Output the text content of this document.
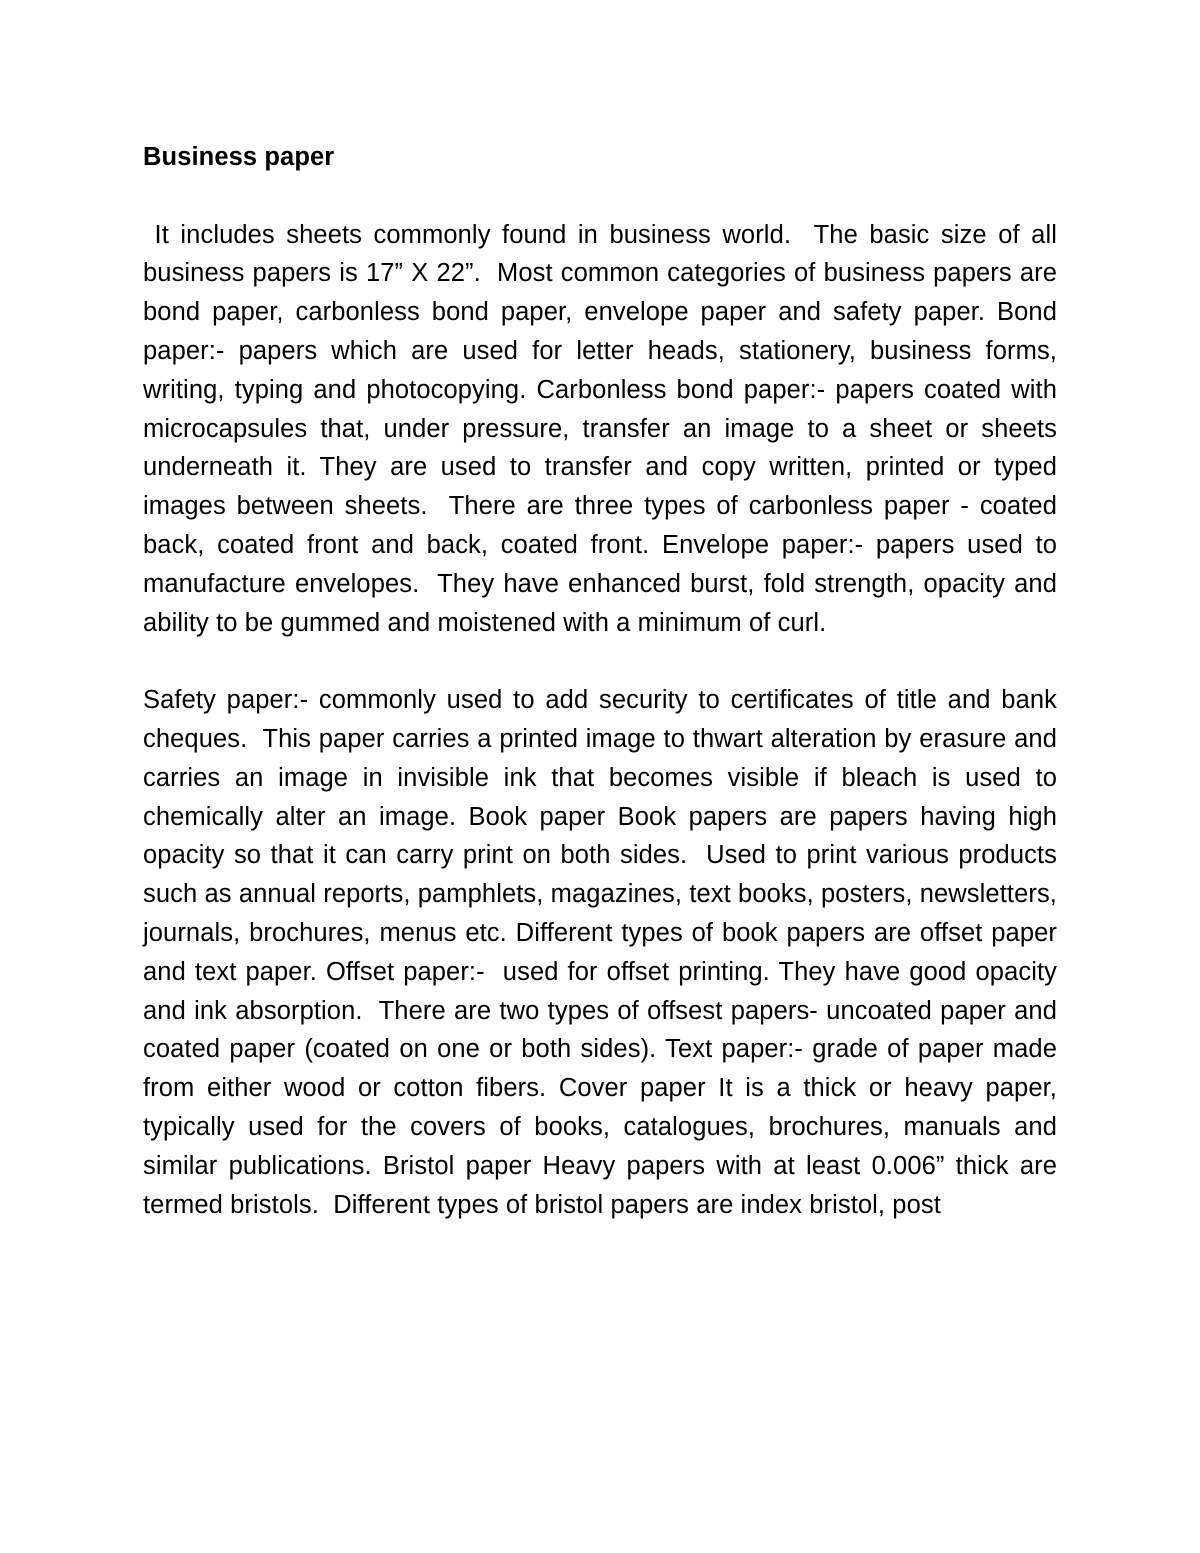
Business paper

It includes sheets commonly found in business world.  The basic size of all business papers is 17” X 22”.  Most common categories of business papers are bond paper, carbonless bond paper, envelope paper and safety paper. Bond paper:- papers which are used for letter heads, stationery, business forms, writing, typing and photocopying. Carbonless bond paper:- papers coated with microcapsules that, under pressure, transfer an image to a sheet or sheets underneath it. They are used to transfer and copy written, printed or typed images between sheets.  There are three types of carbonless paper - coated back, coated front and back, coated front. Envelope paper:- papers used to manufacture envelopes.  They have enhanced burst, fold strength, opacity and ability to be gummed and moistened with a minimum of curl.

Safety paper:- commonly used to add security to certificates of title and bank cheques.  This paper carries a printed image to thwart alteration by erasure and carries an image in invisible ink that becomes visible if bleach is used to chemically alter an image. Book paper Book papers are papers having high opacity so that it can carry print on both sides.  Used to print various products such as annual reports, pamphlets, magazines, text books, posters, newsletters, journals, brochures, menus etc. Different types of book papers are offset paper and text paper. Offset paper:-  used for offset printing. They have good opacity and ink absorption.  There are two types of offsest papers- uncoated paper and coated paper (coated on one or both sides). Text paper:- grade of paper made from either wood or cotton fibers. Cover paper It is a thick or heavy paper, typically used for the covers of books, catalogues, brochures, manuals and similar publications. Bristol paper Heavy papers with at least 0.006” thick are termed bristols.  Different types of bristol papers are index bristol, post
